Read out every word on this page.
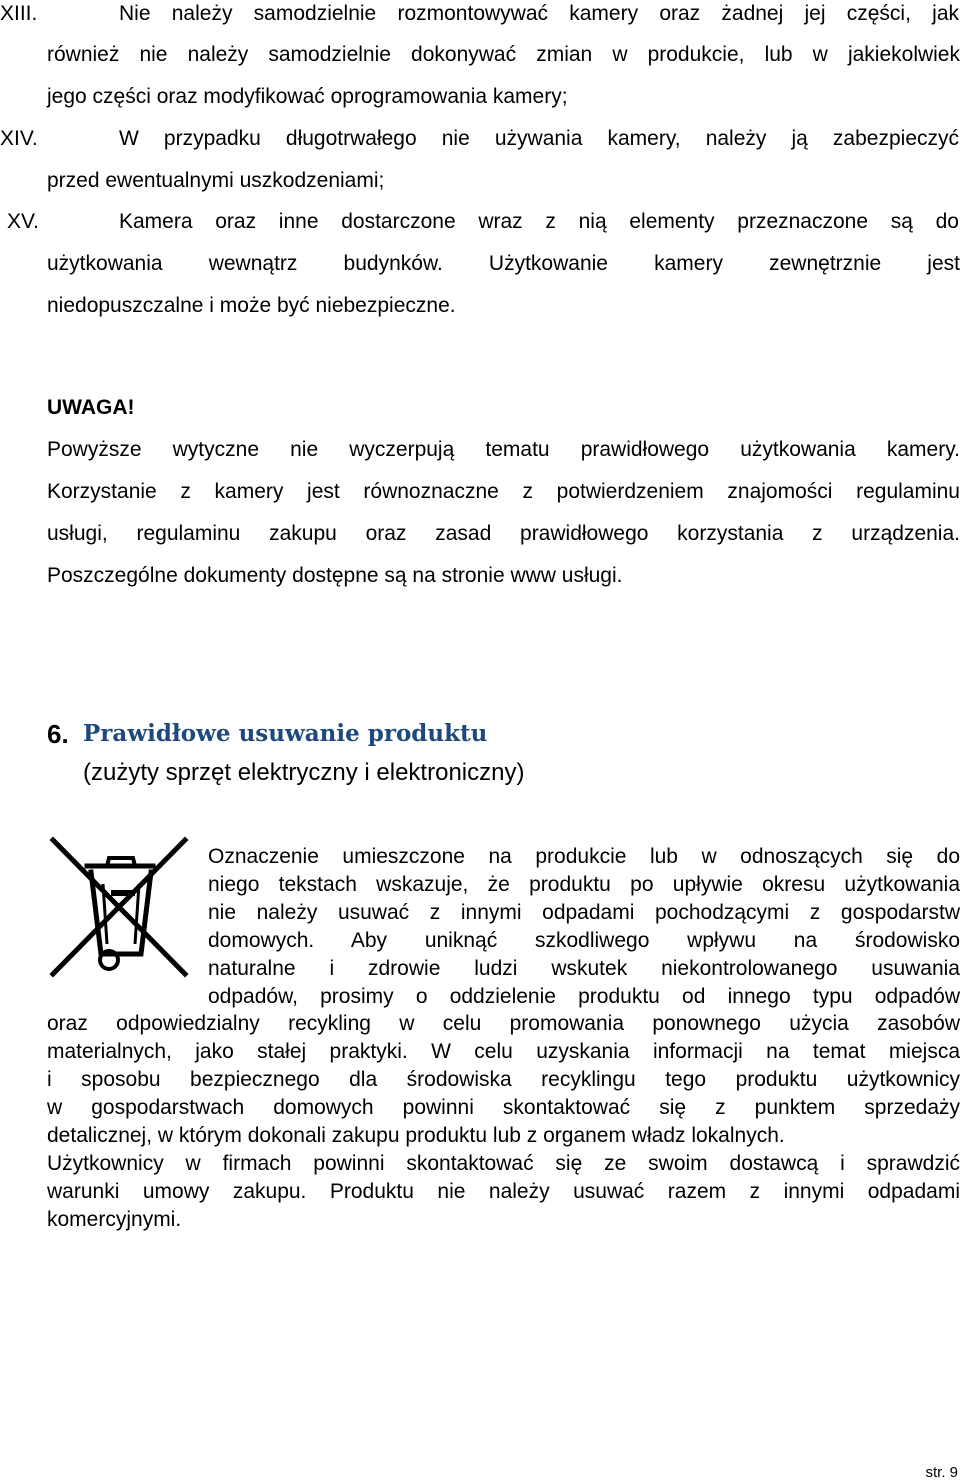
XIII.	Nie należy samodzielnie rozmontowywać kamery oraz żadnej jej części, jak
również nie należy samodzielnie dokonywać zmian w produkcie, lub w jakiekolwiek
jego części oraz modyfikować oprogramowania kamery;
XIV.	W przypadku długotrwałego nie używania kamery, należy ją zabezpieczyć
przed ewentualnymi uszkodzeniami;
XV.	Kamera oraz inne dostarczone wraz z nią elementy przeznaczone są do
użytkowania wewnątrz budynków. Użytkowanie kamery zewnętrznie jest
niedopuszczalne i może być niebezpieczne.
UWAGA!
Powyższe wytyczne nie wyczerpują tematu prawidłowego użytkowania kamery.
Korzystanie z kamery jest równoznaczne z potwierdzeniem znajomości regulaminu
usługi, regulaminu zakupu oraz zasad prawidłowego korzystania z urządzenia.
Poszczególne dokumenty dostępne są na stronie www usługi.
6. Prawidłowe usuwanie produktu
(zużyty sprzęt elektryczny i elektroniczny)
Oznaczenie umieszczone na produkcie lub w odnoszących się do
niego tekstach wskazuje, że produktu po upływie okresu użytkowania
nie należy usuwać z innymi odpadami pochodzącymi z gospodarstw
domowych. Aby uniknąć szkodliwego wpływu na środowisko
naturalne i zdrowie ludzi wskutek niekontrolowanego usuwania
odpadów, prosimy o oddzielenie produktu od innego typu odpadów
oraz odpowiedzialny recykling w celu promowania ponownego użycia zasobów
materialnych, jako stałej praktyki. W celu uzyskania informacji na temat miejsca
i sposobu bezpiecznego dla środowiska recyklingu tego produktu użytkownicy
w gospodarstwach domowych powinni skontaktować się z punktem sprzedaży
detalicznej, w którym dokonali zakupu produktu lub z organem władz lokalnych.
Użytkownicy w firmach powinni skontaktować się ze swoim dostawcą i sprawdzić
warunki umowy zakupu. Produktu nie należy usuwać razem z innymi odpadami
komercyjnymi.
str. 9
